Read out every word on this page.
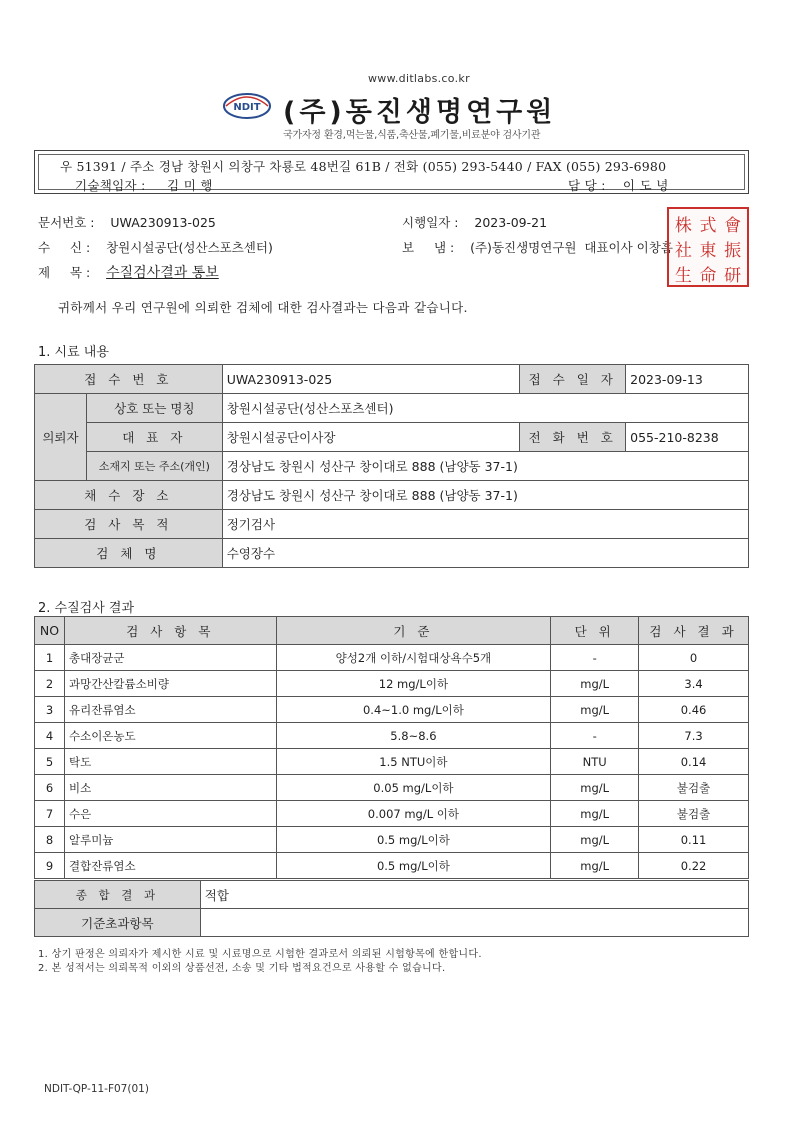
www.ditlabs.co.kr
NDIT (주)동진생명연구원
국가자정 환경,먹는물,식품,축산물,폐기물,비료분야 검사기관
우 51391 / 주소 경남 창원시 의창구 차룡로 48번길 61B / 전화 (055) 293-5440 / FAX (055) 293-6980
기술책임자 : 김 미 행	담 당 : 이 도 녕
문서번호 : UWA230913-025	시행일자 : 2023-09-21
수     신 : 창원시설공단(성산스포츠센터)	보     냄 : (주)동진생명연구원  대표이사 이창흠
제     목 : 수질검사결과 통보
株 式 會
社 東 振
生 命 研
귀하께서 우리 연구원에 의뢰한 검체에 대한 검사결과는 다음과 같습니다.
1. 시료 내용
접 수 번 호		UWA230913-025	접 수 일 자	2023-09-13
의뢰자	상호 또는 명칭	창원시설공단(성산스포츠센터)		
	대 표 자	창원시설공단이사장	전 화 번 호	055-210-8238
	소재지 또는 주소(개인)	경상남도 창원시 성산구 창이대로 888 (남양동 37-1)		
채 수 장 소		경상남도 창원시 성산구 창이대로 888 (남양동 37-1)		
검 사 목 적		정기검사		
검 체 명		수영장수		
2. 수질검사 결과
NO	검 사 항 목	기 준	단 위	검 사 결 과
1	총대장균군	양성2개 이하/시험대상욕수5개	-	0
2	과망간산칼륨소비량	12 mg/L이하	mg/L	3.4
3	유리잔류염소	0.4~1.0 mg/L이하	mg/L	0.46
4	수소이온농도	5.8~8.6	-	7.3
5	탁도	1.5 NTU이하	NTU	0.14
6	비소	0.05 mg/L이하	mg/L	불검출
7	수은	0.007 mg/L 이하	mg/L	불검출
8	알루미늄	0.5 mg/L이하	mg/L	0.11
9	결합잔류염소	0.5 mg/L이하	mg/L	0.22
종 합 결 과	적합
기준초과항목	
1. 상기 판정은 의뢰자가 제시한 시료 및 시료명으로 시험한 결과로서 의뢰된 시험항목에 한합니다.
2. 본 성적서는 의뢰목적 이외의 상품선전, 소송 및 기타 법적요건으로 사용할 수 없습니다.
NDIT-QP-11-F07(01)
